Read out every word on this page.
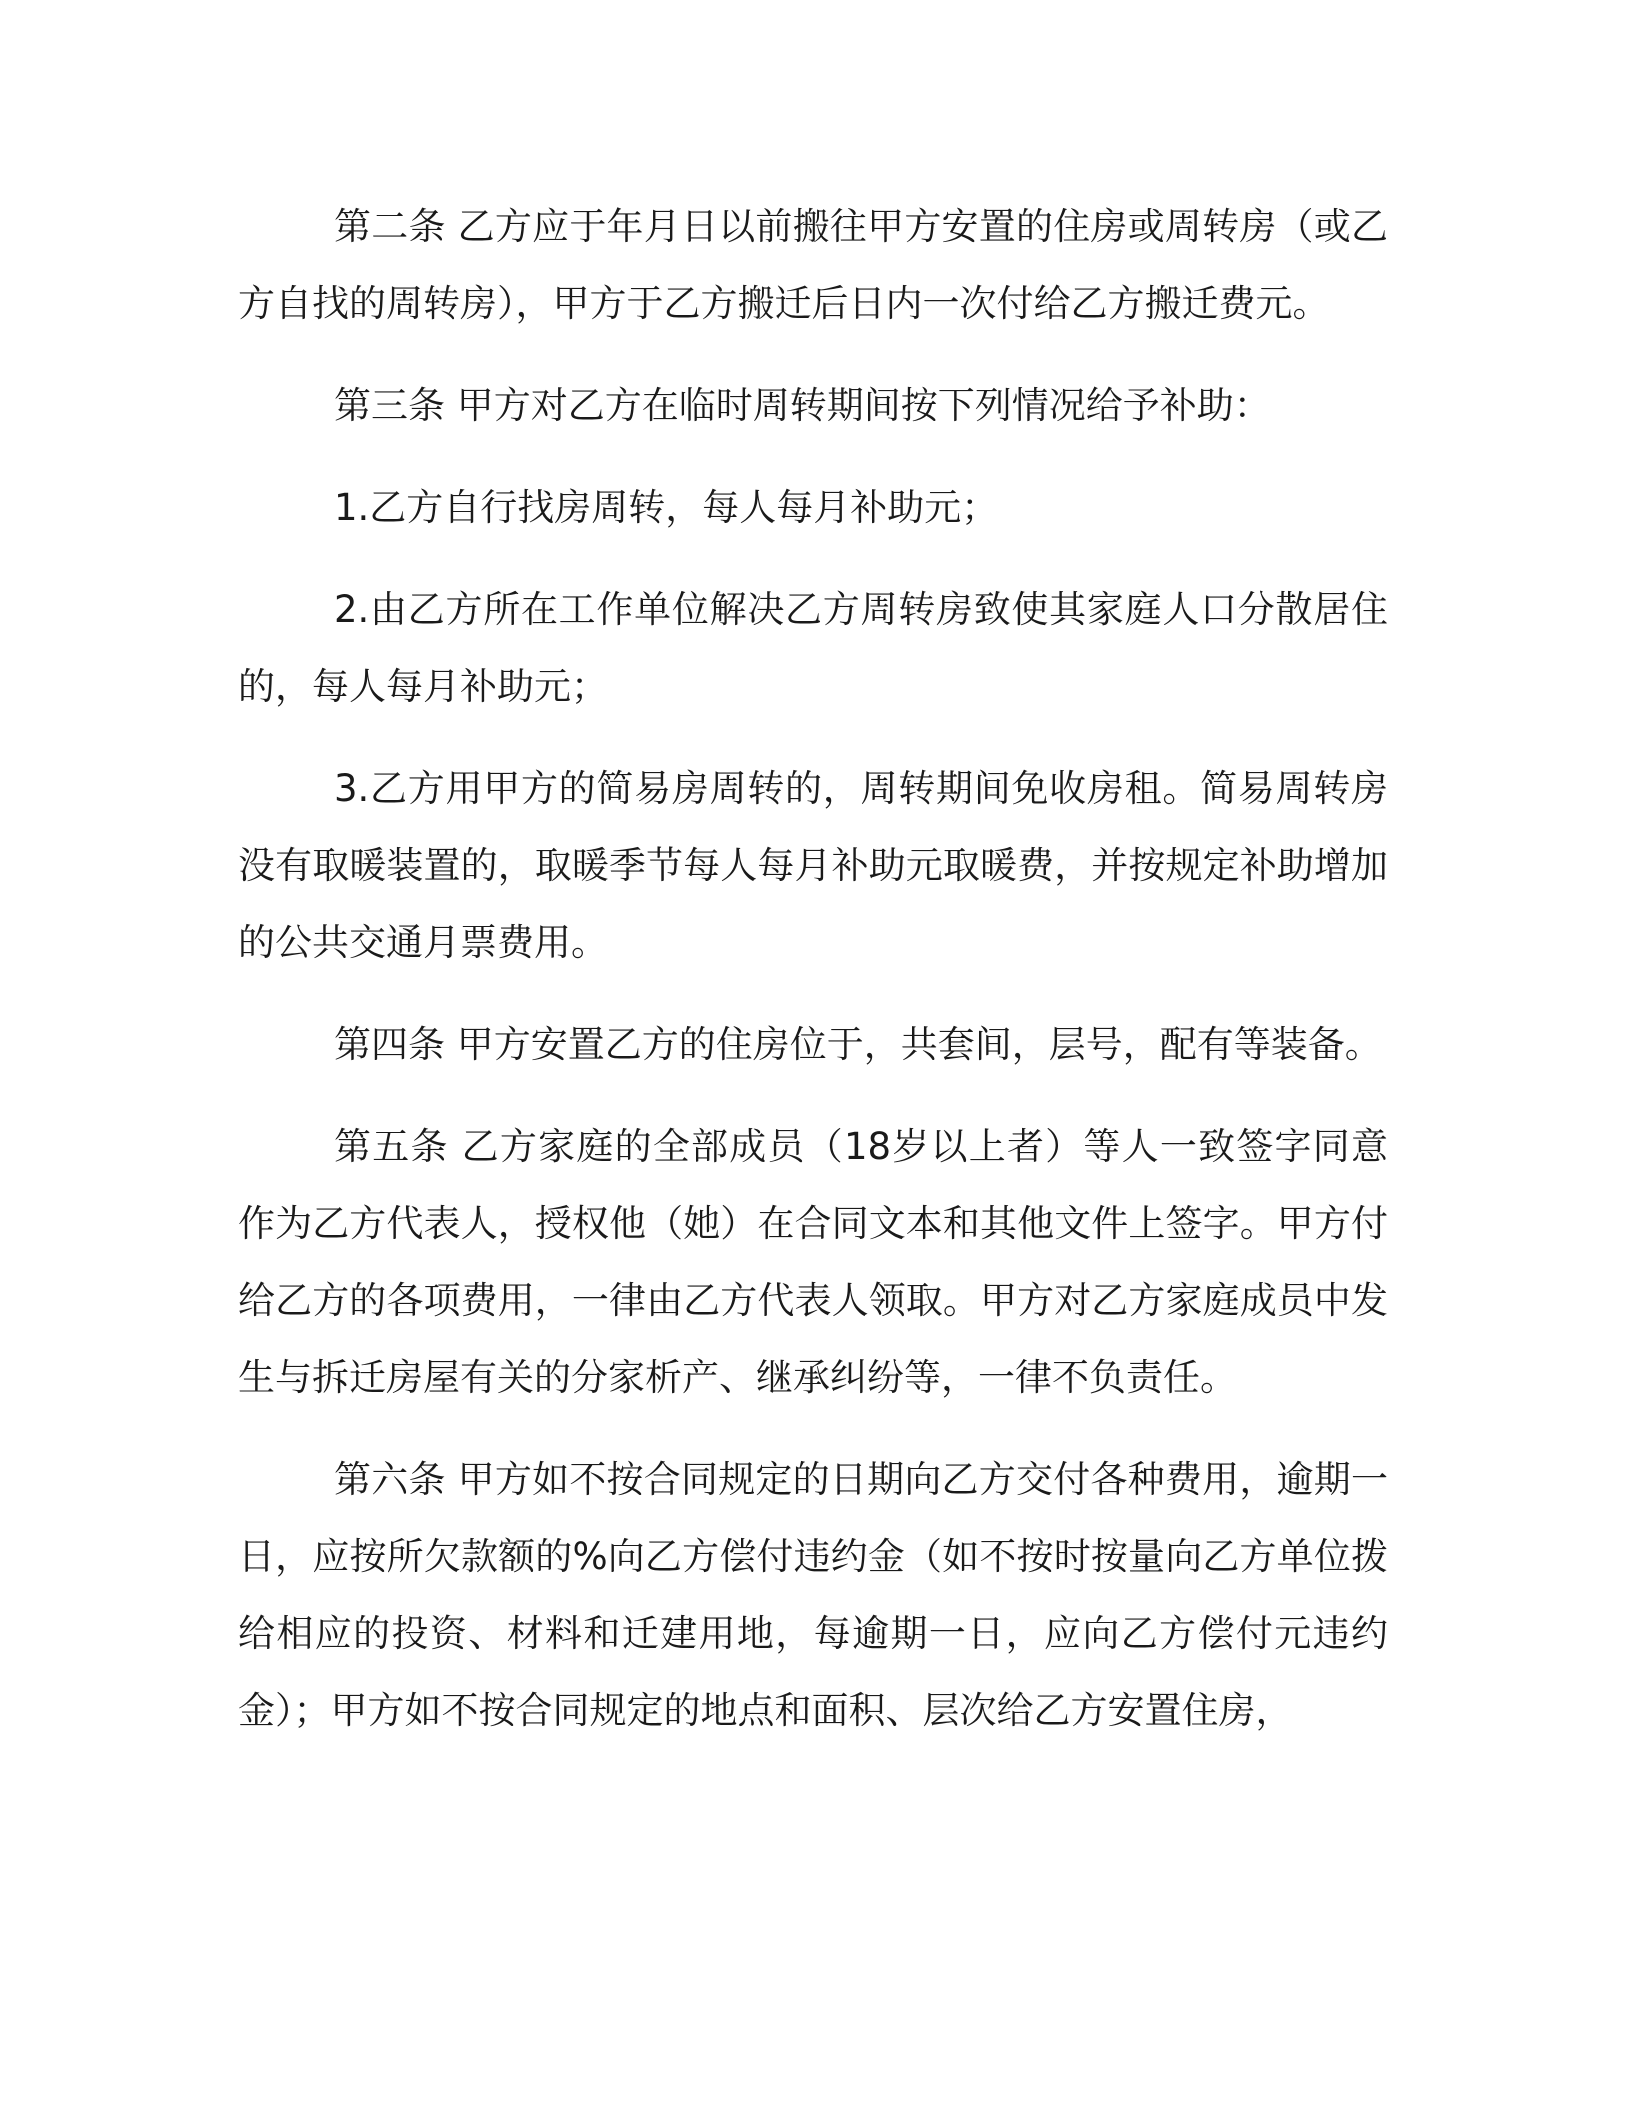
第二条 乙方应于年月日以前搬往甲方安置的住房或周转房（或乙方自找的周转房），甲方于乙方搬迁后日内一次付给乙方搬迁费元。

第三条 甲方对乙方在临时周转期间按下列情况给予补助：

1.乙方自行找房周转，每人每月补助元；

2.由乙方所在工作单位解决乙方周转房致使其家庭人口分散居住的，每人每月补助元；

3.乙方用甲方的简易房周转的，周转期间免收房租。简易周转房没有取暖装置的，取暖季节每人每月补助元取暖费，并按规定补助增加的公共交通月票费用。

第四条 甲方安置乙方的住房位于，共套间，层号，配有等装备。

第五条 乙方家庭的全部成员（18岁以上者）等人一致签字同意作为乙方代表人，授权他（她）在合同文本和其他文件上签字。甲方付给乙方的各项费用，一律由乙方代表人领取。甲方对乙方家庭成员中发生与拆迁房屋有关的分家析产、继承纠纷等，一律不负责任。

第六条 甲方如不按合同规定的日期向乙方交付各种费用，逾期一日，应按所欠款额的%向乙方偿付违约金（如不按时按量向乙方单位拨给相应的投资、材料和迁建用地，每逾期一日，应向乙方偿付元违约金）；甲方如不按合同规定的地点和面积、层次给乙方安置住房，
